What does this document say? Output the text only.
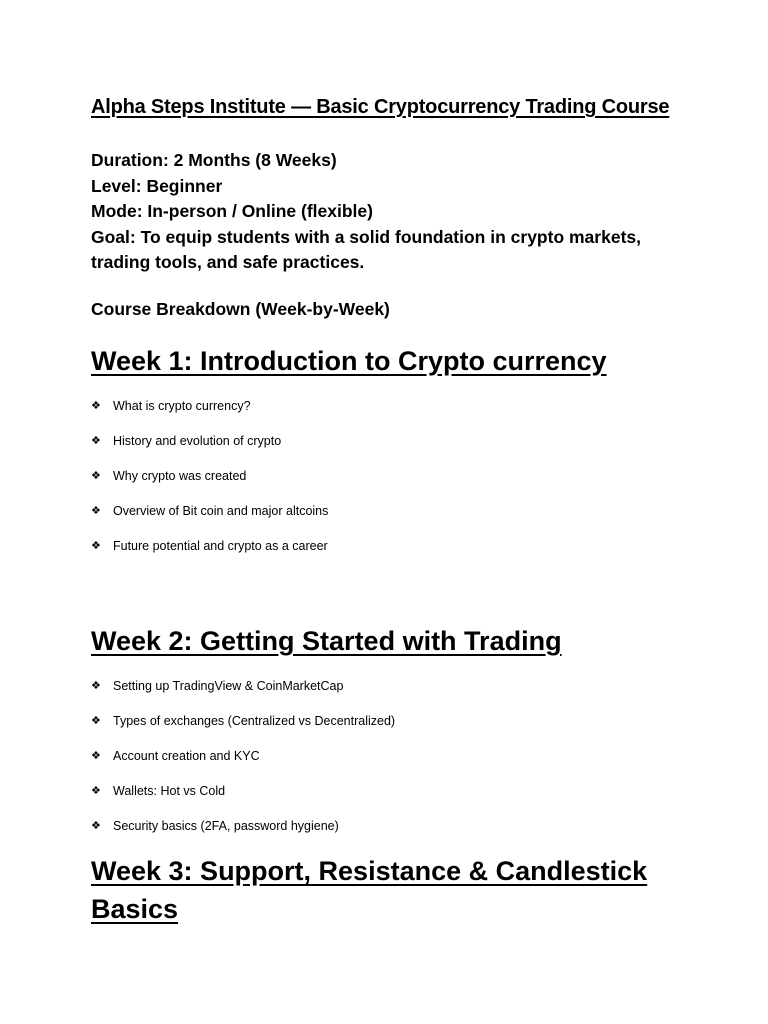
Alpha Steps Institute — Basic Cryptocurrency Trading Course
Duration: 2 Months (8 Weeks)
Level: Beginner
Mode: In-person / Online (flexible)
Goal: To equip students with a solid foundation in crypto markets, trading tools, and safe practices.
Course Breakdown (Week-by-Week)
Week 1: Introduction to Crypto currency
❖ What is crypto currency?
❖ History and evolution of crypto
❖ Why crypto was created
❖ Overview of Bit coin and major altcoins
❖ Future potential and crypto as a career
Week 2: Getting Started with Trading
❖ Setting up TradingView & CoinMarketCap
❖ Types of exchanges (Centralized vs Decentralized)
❖ Account creation and KYC
❖ Wallets: Hot vs Cold
❖ Security basics (2FA, password hygiene)
Week 3: Support, Resistance & Candlestick Basics
